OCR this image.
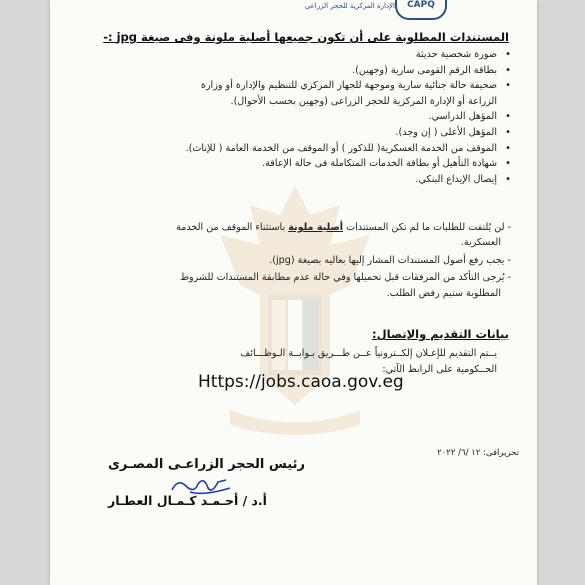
CAPQ
الإدارة المركزية للحجر الزراعى
المستندات المطلوبة على أن تكون جميعها أصلية ملونة وفى صيغة jpg :-
•
صورة شخصية حديثة
•
بطاقة الرقم القومى سارية (وجهين).
•
صحيفة حالة جنائية سارية وموجهة للجهاز المركزي للتنظيم والإدارة أو وزارة
الزراعة أو الإدارة المركزية للحجر الزراعى (وجهين بحسب الأحوال).
•
المؤهل الدراسي.
•
المؤهل الأعلى ( إن وجد).
•
الموقف من الخدمة العسكرية( للذكور ) أو الموقف من الخدمة العامة ( للإناث).
•
شهادة التأهيل أو بطاقة الخدمات المتكاملة فى حالة الإعاقة.
•
إيصال الإيداع البنكي.
- لن يُلتفت للطلبات ما لم تكن المستندات أصلية ملونة باستثناء الموقف من الخدمة
العسكرية.
- يجب رفع أصول المستندات المشار إليها بعاليه بصيغة (jpg).
- يُرجى التأكد من المرفقات قبل تحميلها وفي حالة عدم مطابقة المستندات للشروط
المطلوبة ستيم رفض الطلب.
بيانات التقديم والإتصال:
يــتم التقديم للإعـلان إلكــترونياً عــن طـــريق بـوابــة الـوظـــائف
الحــكومية على الرابط الآتي:
Https://jobs.caoa.gov.eg
تحريرافى: ١٢ /٦/ ٢٠٢٢
رئيس الحجر الزراعـى المصـرى
أ.د / أحـمـد كـمـال العطـار
